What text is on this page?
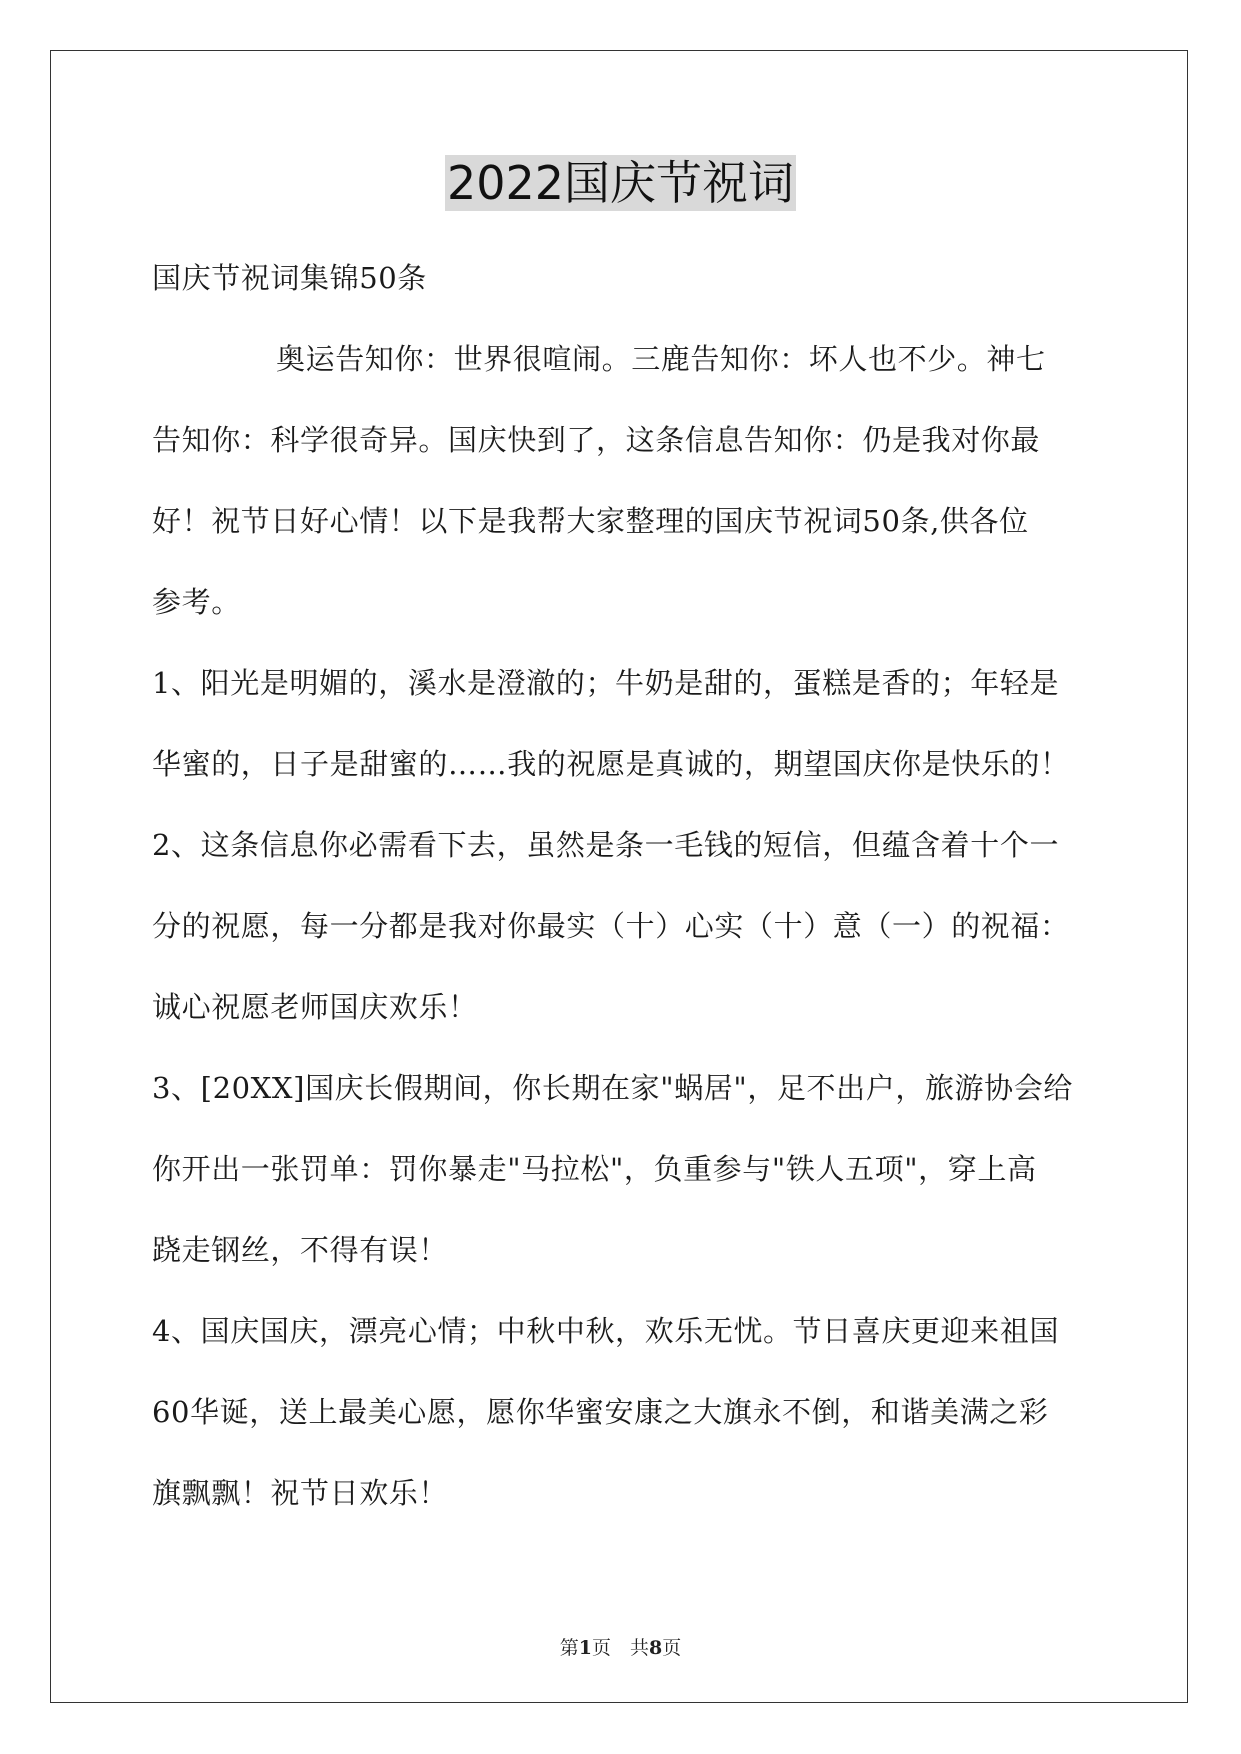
2022国庆节祝词

国庆节祝词集锦50条

奥运告知你：世界很喧闹。三鹿告知你：坏人也不少。神七
告知你：科学很奇异。国庆快到了，这条信息告知你：仍是我对你最
好！祝节日好心情！以下是我帮大家整理的国庆节祝词50条,供各位
参考。

1、阳光是明媚的，溪水是澄澈的；牛奶是甜的，蛋糕是香的；年轻是
华蜜的，日子是甜蜜的……我的祝愿是真诚的，期望国庆你是快乐的！

2、这条信息你必需看下去，虽然是条一毛钱的短信，但蕴含着十个一
分的祝愿，每一分都是我对你最实（十）心实（十）意（一）的祝福：
诚心祝愿老师国庆欢乐！

3、[20XX]国庆长假期间，你长期在家"蜗居"，足不出户，旅游协会给
你开出一张罚单：罚你暴走"马拉松"，负重参与"铁人五项"，穿上高
跷走钢丝，不得有误！

4、国庆国庆，漂亮心情；中秋中秋，欢乐无忧。节日喜庆更迎来祖国
60华诞，送上最美心愿，愿你华蜜安康之大旗永不倒，和谐美满之彩
旗飘飘！祝节日欢乐！

第1页　共8页
